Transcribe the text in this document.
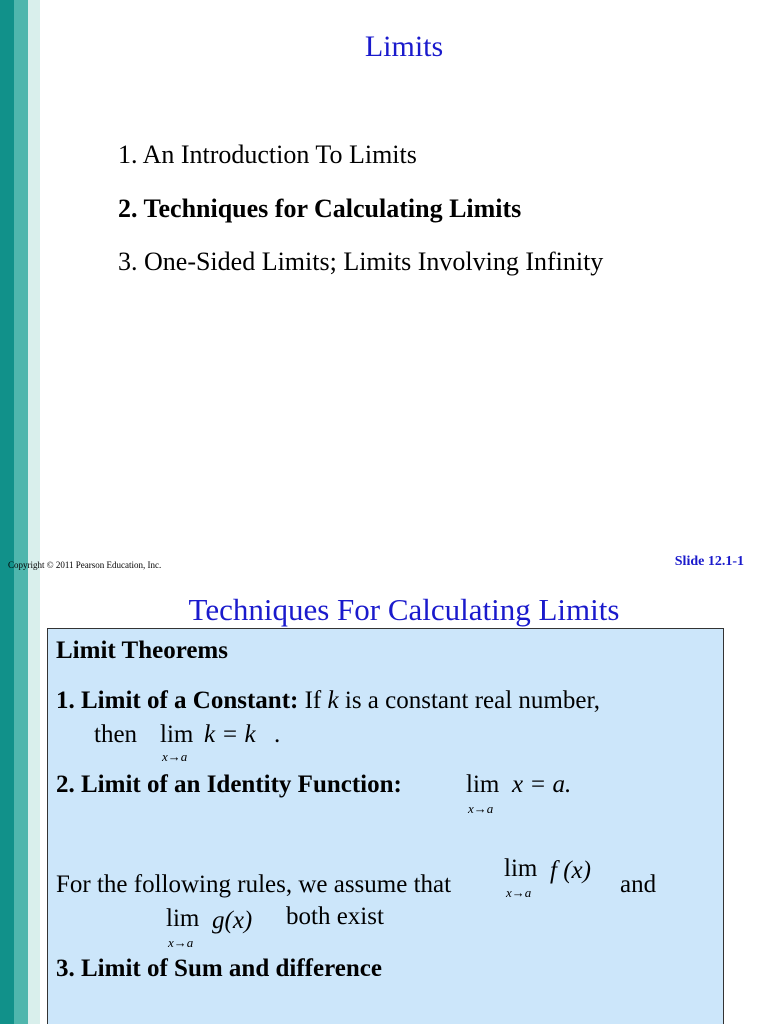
Limits
1. An Introduction To Limits
2. Techniques for Calculating Limits
3. One-Sided Limits; Limits Involving Infinity
Copyright © 2011 Pearson Education, Inc.	Slide 12.1-1
Techniques For Calculating Limits
Limit Theorems
1. Limit of a Constant: If k is a constant real number,
then lim
x→a
k = k .
2. Limit of an Identity Function:	lim
x→a
x = a.
For the following rules, we assume that
lim
x→a
f (x)
and
lim
x→a
g(x) both exist
3. Limit of Sum and difference
